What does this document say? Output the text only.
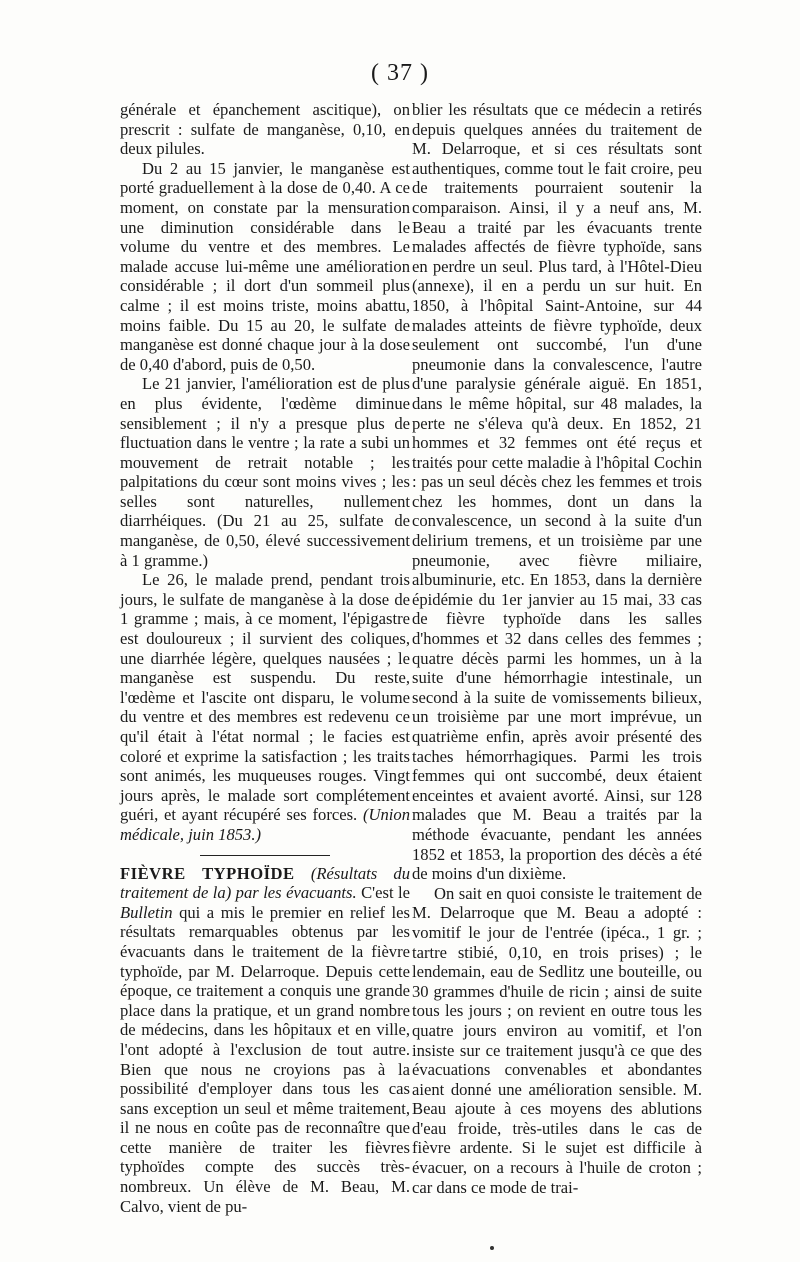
( 37 )

générale et épanchement ascitique), on prescrit : sulfate de manganèse, 0,10, en deux pilules.

Du 2 au 15 janvier, le manganèse est porté graduellement à la dose de 0,40. A ce moment, on constate par la mensuration une diminution considérable dans le volume du ventre et des membres. Le malade accuse lui-même une amélioration considérable ; il dort d'un sommeil plus calme ; il est moins triste, moins abattu, moins faible. Du 15 au 20, le sulfate de manganèse est donné chaque jour à la dose de 0,40 d'abord, puis de 0,50.

Le 21 janvier, l'amélioration est de plus en plus évidente, l'œdème diminue sensiblement ; il n'y a presque plus de fluctuation dans le ventre ; la rate a subi un mouvement de retrait notable ; les palpitations du cœur sont moins vives ; les selles sont naturelles, nullement diarrhéiques. (Du 21 au 25, sulfate de manganèse, de 0,50, élevé successivement à 1 gramme.)

Le 26, le malade prend, pendant trois jours, le sulfate de manganèse à la dose de 1 gramme ; mais, à ce moment, l'épigastre est douloureux ; il survient des coliques, une diarrhée légère, quelques nausées ; le manganèse est suspendu. Du reste, l'œdème et l'ascite ont disparu, le volume du ventre et des membres est redevenu ce qu'il était à l'état normal ; le facies est coloré et exprime la satisfaction ; les traits sont animés, les muqueuses rouges. Vingt jours après, le malade sort complétement guéri, et ayant récupéré ses forces. (Union médicale, juin 1853.)

FIÈVRE TYPHOÏDE (Résultats du traitement de la) par les évacuants. C'est le Bulletin qui a mis le premier en relief les résultats remarquables obtenus par les évacuants dans le traitement de la fièvre typhoïde, par M. Delarroque. Depuis cette époque, ce traitement a conquis une grande place dans la pratique, et un grand nombre de médecins, dans les hôpitaux et en ville, l'ont adopté à l'exclusion de tout autre. Bien que nous ne croyions pas à la possibilité d'employer dans tous les cas sans exception un seul et même traitement, il ne nous en coûte pas de reconnaître que cette manière de traiter les fièvres typhoïdes compte des succès très-nombreux. Un élève de M. Beau, M. Calvo, vient de pu-

blier les résultats que ce médecin a retirés depuis quelques années du traitement de M. Delarroque, et si ces résultats sont authentiques, comme tout le fait croire, peu de traitements pourraient soutenir la comparaison. Ainsi, il y a neuf ans, M. Beau a traité par les évacuants trente malades affectés de fièvre typhoïde, sans en perdre un seul. Plus tard, à l'Hôtel-Dieu (annexe), il en a perdu un sur huit. En 1850, à l'hôpital Saint-Antoine, sur 44 malades atteints de fièvre typhoïde, deux seulement ont succombé, l'un d'une pneumonie dans la convalescence, l'autre d'une paralysie générale aiguë. En 1851, dans le même hôpital, sur 48 malades, la perte ne s'éleva qu'à deux. En 1852, 21 hommes et 32 femmes ont été reçus et traités pour cette maladie à l'hôpital Cochin : pas un seul décès chez les femmes et trois chez les hommes, dont un dans la convalescence, un second à la suite d'un delirium tremens, et un troisième par une pneumonie, avec fièvre miliaire, albuminurie, etc. En 1853, dans la dernière épidémie du 1er janvier au 15 mai, 33 cas de fièvre typhoïde dans les salles d'hommes et 32 dans celles des femmes ; quatre décès parmi les hommes, un à la suite d'une hémorrhagie intestinale, un second à la suite de vomissements bilieux, un troisième par une mort imprévue, un quatrième enfin, après avoir présenté des taches hémorrhagiques. Parmi les trois femmes qui ont succombé, deux étaient enceintes et avaient avorté. Ainsi, sur 128 malades que M. Beau a traités par la méthode évacuante, pendant les années 1852 et 1853, la proportion des décès a été de moins d'un dixième.

On sait en quoi consiste le traitement de M. Delarroque que M. Beau a adopté : vomitif le jour de l'entrée (ipéca., 1 gr. ; tartre stibié, 0,10, en trois prises) ; le lendemain, eau de Sedlitz une bouteille, ou 30 grammes d'huile de ricin ; ainsi de suite tous les jours ; on revient en outre tous les quatre jours environ au vomitif, et l'on insiste sur ce traitement jusqu'à ce que des évacuations convenables et abondantes aient donné une amélioration sensible. M. Beau ajoute à ces moyens des ablutions d'eau froide, très-utiles dans le cas de fièvre ardente. Si le sujet est difficile à évacuer, on a recours à l'huile de croton ; car dans ce mode de trai-
